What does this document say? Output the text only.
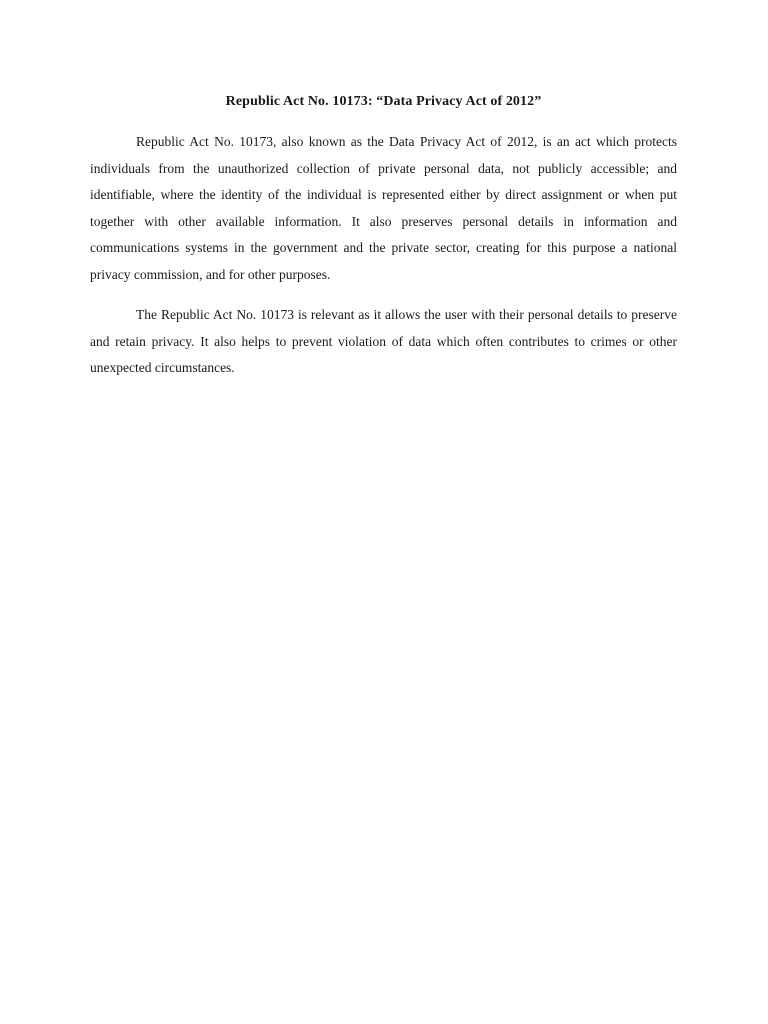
Republic Act No. 10173: “Data Privacy Act of 2012”

Republic Act No. 10173, also known as the Data Privacy Act of 2012, is an act which protects individuals from the unauthorized collection of private personal data, not publicly accessible; and identifiable, where the identity of the individual is represented either by direct assignment or when put together with other available information. It also preserves personal details in information and communications systems in the government and the private sector, creating for this purpose a national privacy commission, and for other purposes.

The Republic Act No. 10173 is relevant as it allows the user with their personal details to preserve and retain privacy. It also helps to prevent violation of data which often contributes to crimes or other unexpected circumstances.
